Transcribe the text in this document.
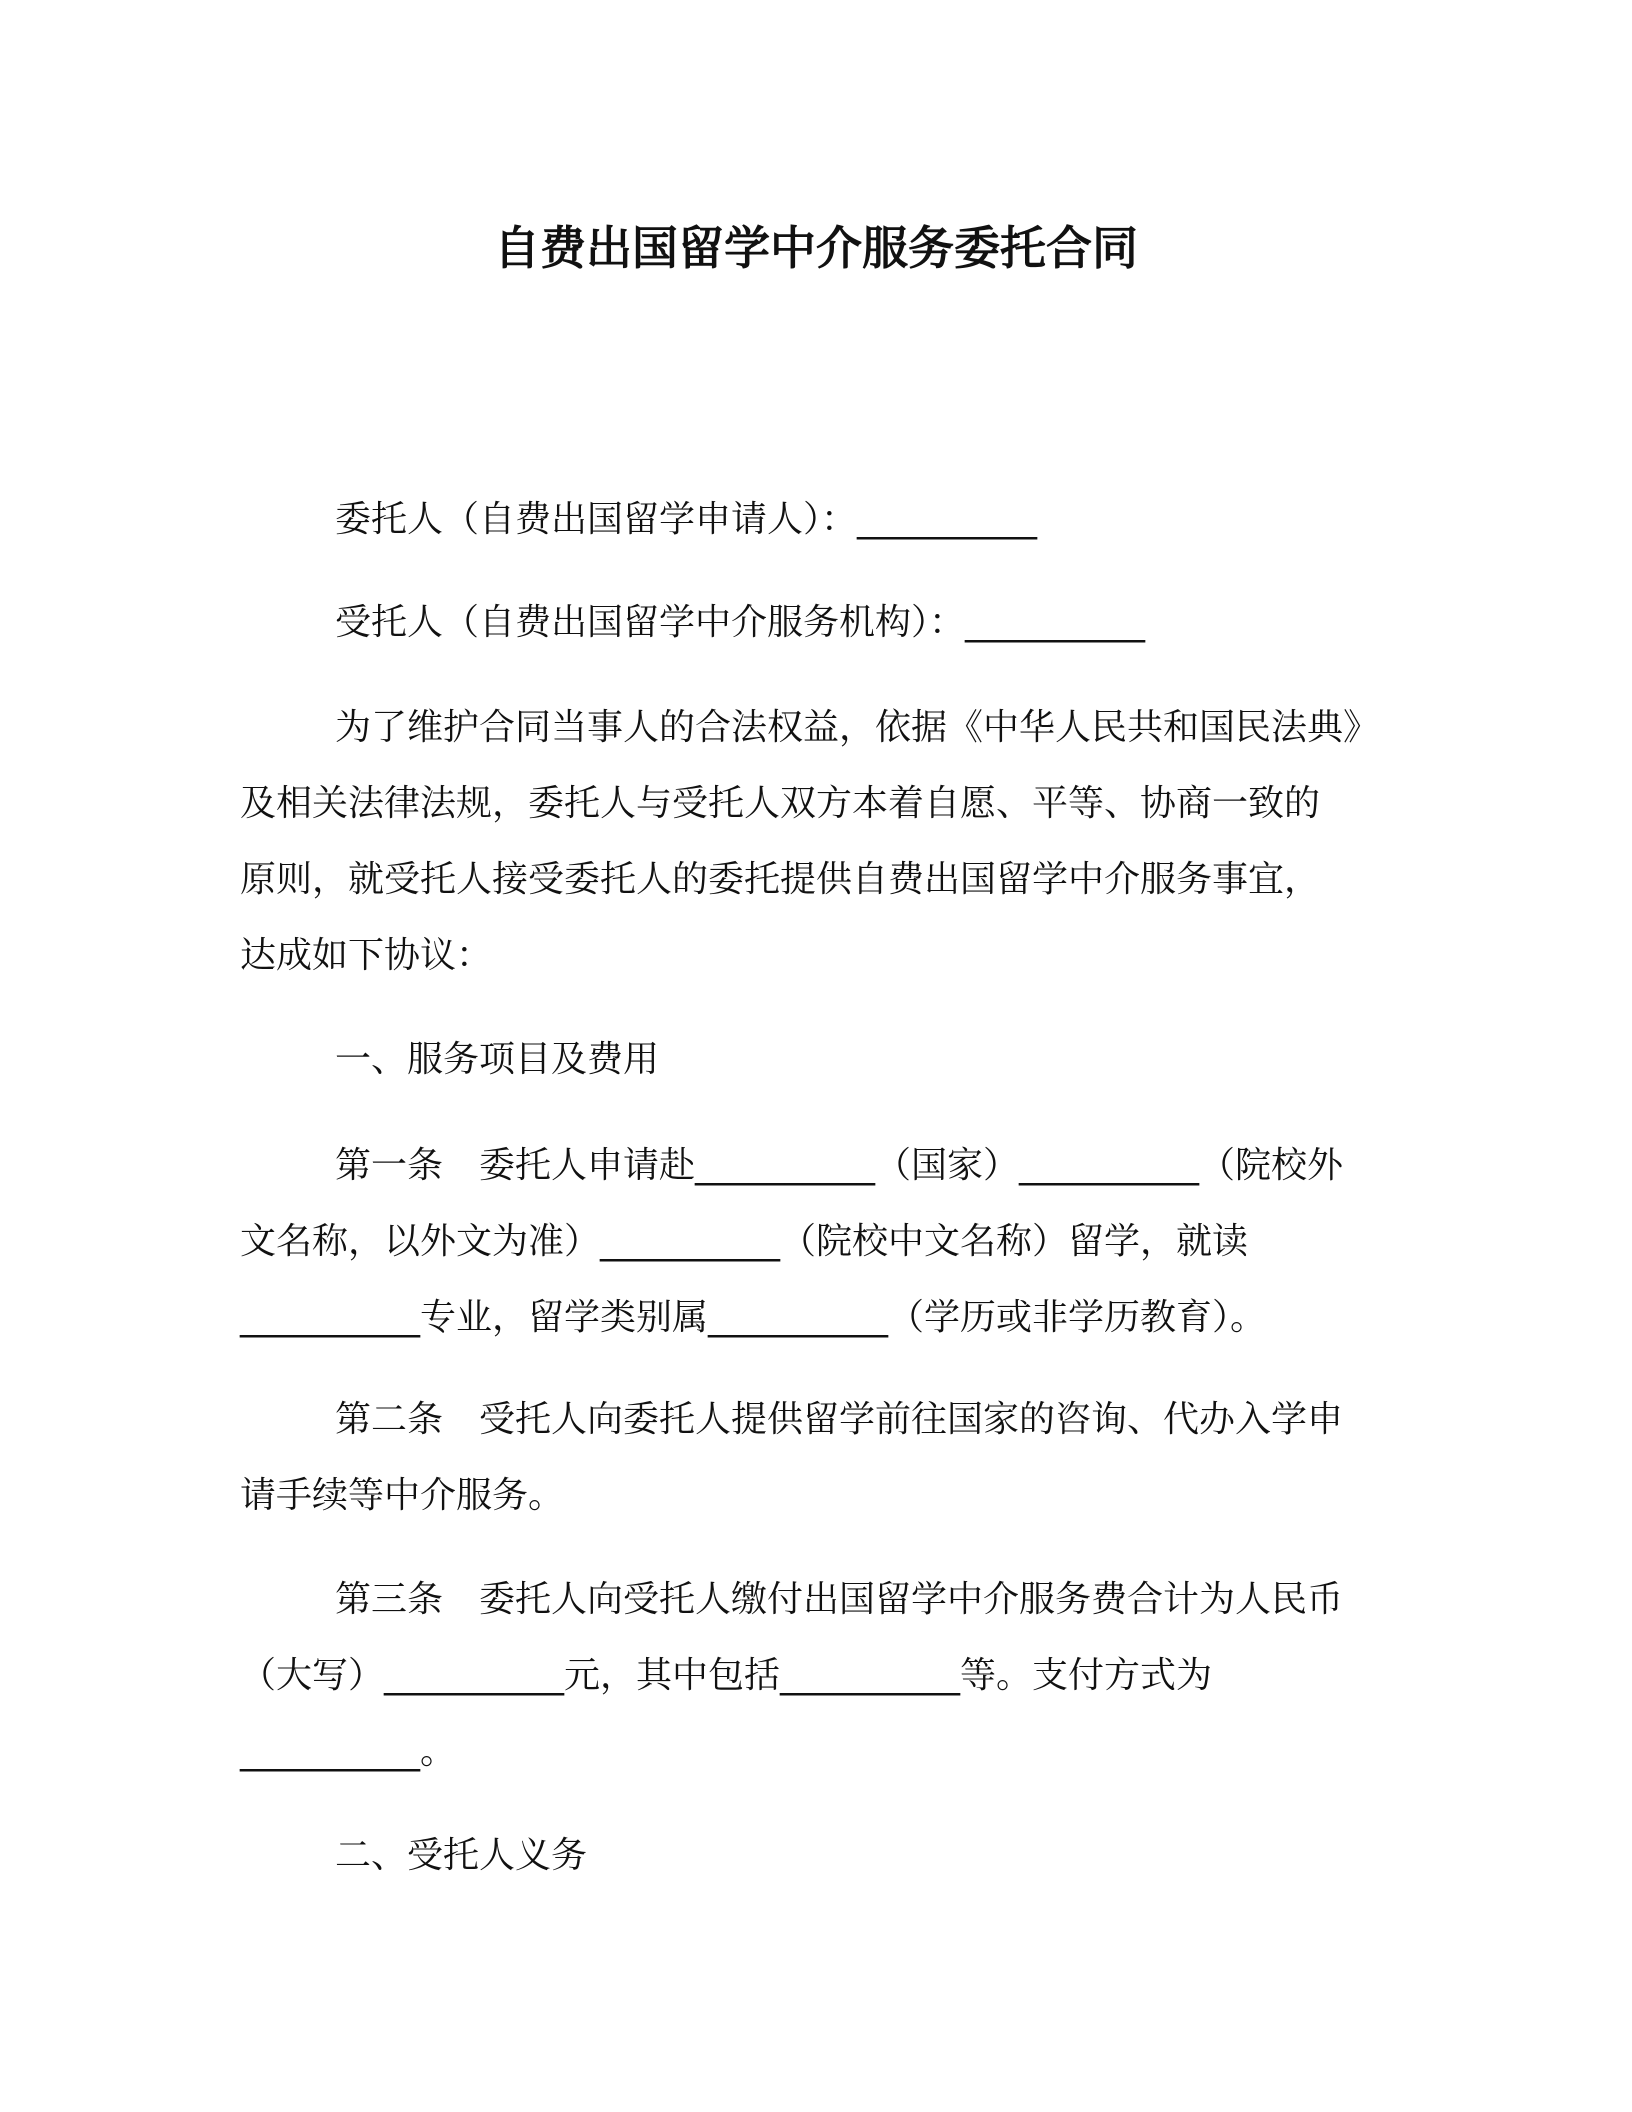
自费出国留学中介服务委托合同

委托人（自费出国留学申请人）：__________

受托人（自费出国留学中介服务机构）：__________

为了维护合同当事人的合法权益，依据《中华人民共和国民法典》
及相关法律法规，委托人与受托人双方本着自愿、平等、协商一致的
原则，就受托人接受委托人的委托提供自费出国留学中介服务事宜，
达成如下协议：

一、服务项目及费用

第一条　委托人申请赴__________（国家）__________（院校外
文名称，以外文为准）__________（院校中文名称）留学，就读
__________专业，留学类别属__________（学历或非学历教育）。
第二条　受托人向委托人提供留学前往国家的咨询、代办入学申
请手续等中介服务。
第三条　委托人向受托人缴付出国留学中介服务费合计为人民币
（大写）__________元，其中包括__________等。支付方式为
__________。

二、受托人义务
